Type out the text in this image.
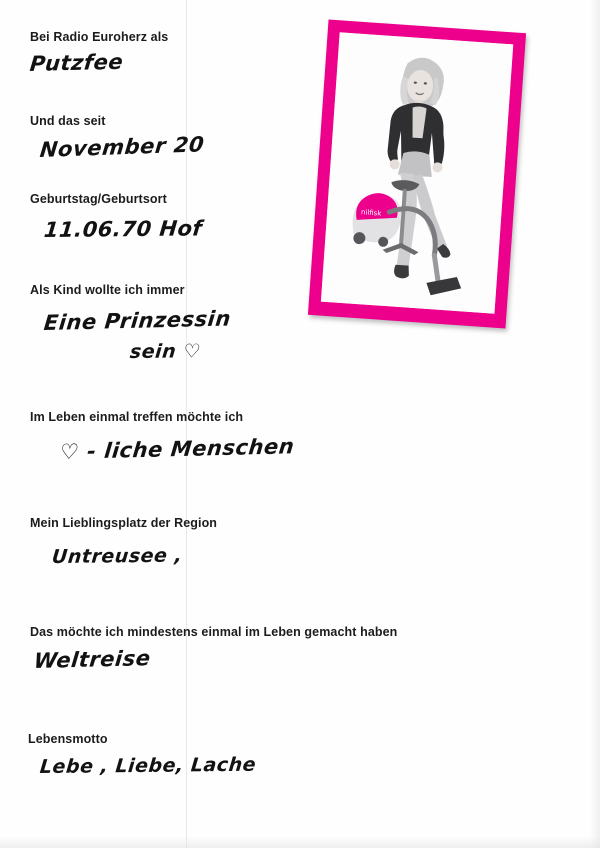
nilfisk
Bei Radio Euroherz als
Putzfee
Und das seit
November 20
Geburtstag/Geburtsort
11.06.70 Hof
Als Kind wollte ich immer
Eine Prinzessin
sein ♡
Im Leben einmal treffen möchte ich
♡ - liche Menschen
Mein Lieblingsplatz der Region
Untreusee ,
Das möchte ich mindestens einmal im Leben gemacht haben
Weltreise
Lebensmotto
Lebe , Liebe, Lache
